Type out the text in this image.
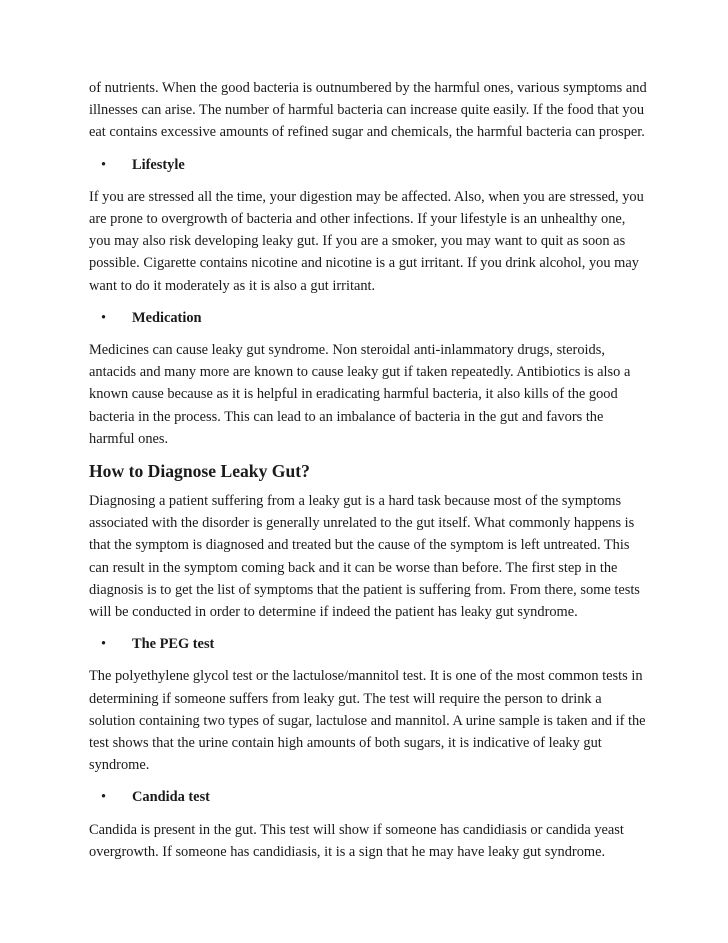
of nutrients. When the good bacteria is outnumbered by the harmful ones, various symptoms and illnesses can arise. The number of harmful bacteria can increase quite easily. If the food that you eat contains excessive amounts of refined sugar and chemicals, the harmful bacteria can prosper.

•	Lifestyle

If you are stressed all the time, your digestion may be affected. Also, when you are stressed, you are prone to overgrowth of bacteria and other infections. If your lifestyle is an unhealthy one, you may also risk developing leaky gut. If you are a smoker, you may want to quit as soon as possible. Cigarette contains nicotine and nicotine is a gut irritant. If you drink alcohol, you may want to do it moderately as it is also a gut irritant.

•	Medication

Medicines can cause leaky gut syndrome. Non steroidal anti-inlammatory drugs, steroids, antacids and many more are known to cause leaky gut if taken repeatedly. Antibiotics is also a known cause because as it is helpful in eradicating harmful bacteria, it also kills of the good bacteria in the process. This can lead to an imbalance of bacteria in the gut and favors the harmful ones.

How to Diagnose Leaky Gut?

Diagnosing a patient suffering from a leaky gut is a hard task because most of the symptoms associated with the disorder is generally unrelated to the gut itself. What commonly happens is that the symptom is diagnosed and treated but the cause of the symptom is left untreated. This can result in the symptom coming back and it can be worse than before. The first step in the diagnosis is to get the list of symptoms that the patient is suffering from. From there, some tests will be conducted in order to determine if indeed the patient has leaky gut syndrome.

•	The PEG test

The polyethylene glycol test or the lactulose/mannitol test. It is one of the most common tests in determining if someone suffers from leaky gut. The test will require the person to drink a solution containing two types of sugar, lactulose and mannitol. A urine sample is taken and if the test shows that the urine contain high amounts of both sugars, it is indicative of leaky gut syndrome.

•	Candida test

Candida is present in the gut. This test will show if someone has candidiasis or candida yeast overgrowth. If someone has candidiasis, it is a sign that he may have leaky gut syndrome.
